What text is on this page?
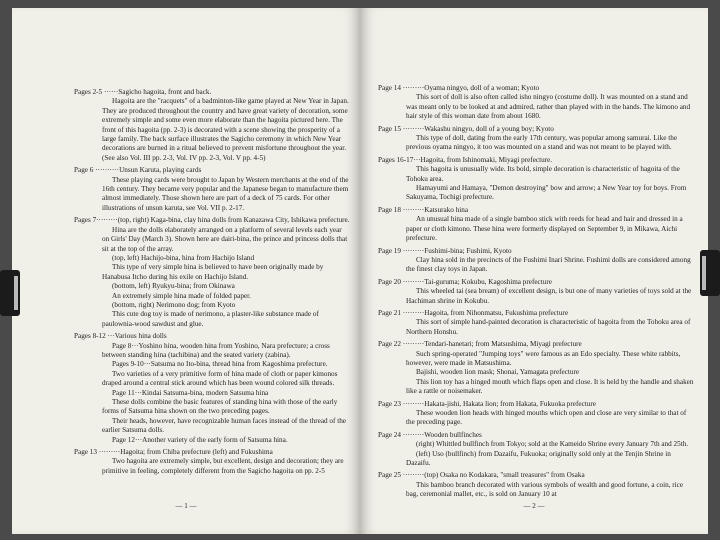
Pages 2-5 ······Sagicho hagoita, front and back.

Hagoita are the "racquets" of a badminton-like game played at New Year in Japan. They are produced throughout the country and have great variety of decoration, some extremely simple and some even more elaborate than the hagoita pictured here. The front of this hagoita (pp. 2-3) is decorated with a scene showing the prosperity of a large family. The back surface illustrates the Sagicho ceremony in which New Year decorations are burned in a ritual believed to prevent misfortune throughout the year. (See also Vol. III pp. 2-3, Vol. IV pp. 2-3, Vol. V pp. 4-5)

Page 6 ··········Unsun Karuta, playing cards

These playing cards were brought to Japan by Western merchants at the end of the 16th century. They became very popular and the Japanese began to manufacture them almost immediately. Those shown here are part of a deck of 75 cards. For other illustrations of unsun karuta, see Vol. VII p. 2-17.

Pages 7·········(top, right) Kaga-bina, clay hina dolls from Kanazawa City, Ishikawa prefecture.

Hina are the dolls elaborately arranged on a platform of several levels each year on Girls' Day (March 3). Shown here are dairi-bina, the prince and princess dolls that sit at the top of the array.

(top, left) Hachijo-bina, hina from Hachijo Island

This type of very simple hina is believed to have been originally made by Hanabusa Itcho during his exile on Hachijo Island.

(bottom, left) Ryukyu-bina; from Okinawa

An extremely simple hina made of folded paper.

(bottom, right) Nerimono dog; from Kyoto

This cute dog toy is made of nerimono, a plaster-like substance made of paulownia-wood sawdust and glue.

Pages 8-12 ···Various hina dolls

Page 8···Yoshino hina, wooden hina from Yoshino, Nara prefecture; a cross between standing hina (tachibina) and the seated variety (zabina).

Pages 9-10···Satsuma no Ito-bina, thread hina from Kagoshima prefecture.

Two varieties of a very primitive form of hina made of cloth or paper kimonos draped around a central stick around which has been wound colored silk threads.

Page 11···Kindai Satsuma-bina, modern Satsuma hina

These dolls combine the basic features of standing hina with those of the early forms of Satsuma hina shown on the two preceding pages.

Their heads, however, have recognizable human faces instead of the thread of the earlier Satsuma dolls.

Page 12···Another variety of the early form of Satsuma hina.

Page 13 ·········Hagoita; from Chiba prefecture (left) and Fukushima

Two hagoita are extremely simple, but excellent, design and decoration; they are primitive in feeling, completely different from the Sagicho hagoita on pp. 2-5

— 1 —

Page 14 ·········Oyama ningyo, doll of a woman; Kyoto

This sort of doll is also often called isho ningyo (costume doll). It was mounted on a stand and was meant only to be looked at and admired, rather than played with in the hands. The kimono and hair style of this woman date from about 1680.

Page 15 ·········Wakashu ningyo, doll of a young boy; Kyoto

This type of doll, dating from the early 17th century, was popular among samurai. Like the previous oyama ningyo, it too was mounted on a stand and was not meant to be played with.

Pages 16-17···Hagoita, from Ishinomaki, Miyagi prefecture.

This hagoita is unusually wide. Its bold, simple decoration is characteristic of hagoita of the Tohoku area.

Hamayumi and Hamaya, "Demon destroying" bow and arrow; a New Year toy for boys. From Sakuyama, Tochigi prefecture.

Page 18 ·········Katsurako hina

An unusual hina made of a single bamboo stick with reeds for head and hair and dressed in a paper or cloth kimono. These hina were formerly displayed on September 9, in Mikawa, Aichi prefecture.

Page 19 ·········Fushimi-bina; Fushimi, Kyoto

Clay hina sold in the precincts of the Fushimi Inari Shrine. Fushimi dolls are considered among the finest clay toys in Japan.

Page 20 ·········Tai-guruma; Kokubu, Kagoshima prefecture

This wheeled tai (sea bream) of excellent design, is but one of many varieties of toys sold at the Hachiman shrine in Kokubu.

Page 21 ·········Hagoita, from Nihonmatsu, Fukushima prefecture

This sort of simple hand-painted decoration is characteristic of hagoita from the Tohoku area of Northern Honshu.

Page 22 ·········Tendari-hanetari; from Matsushima, Miyagi prefecture

Such spring-operated "Jumping toys" were famous as an Edo specialty. These white rabbits, however, were made in Matsushima.

Bajishi, wooden lion mask; Shonai, Yamagata prefecture

This lion toy has a hinged mouth which flaps open and close. It is held by the handle and shaken like a rattle or noisemaker.

Page 23 ·········Hakata-jishi, Hakata lion; from Hakata, Fukuoka prefecture

These wooden lion heads with hinged mouths which open and close are very similar to that of the preceding page.

Page 24 ·········Wooden bullfinches

(right) Whittled bullfinch from Tokyo; sold at the Kameido Shrine every January 7th and 25th.

(left) Uso (bullfinch) from Dazaifu, Fukuoka; originally sold only at the Tenjin Shrine in Dazaifu.

Page 25 ·········(top) Osaka no Kodakara, "small treasures" from Osaka

This bamboo branch decorated with various symbols of wealth and good fortune, a coin, rice bag, ceremonial mallet, etc., is sold on January 10 at

— 2 —
